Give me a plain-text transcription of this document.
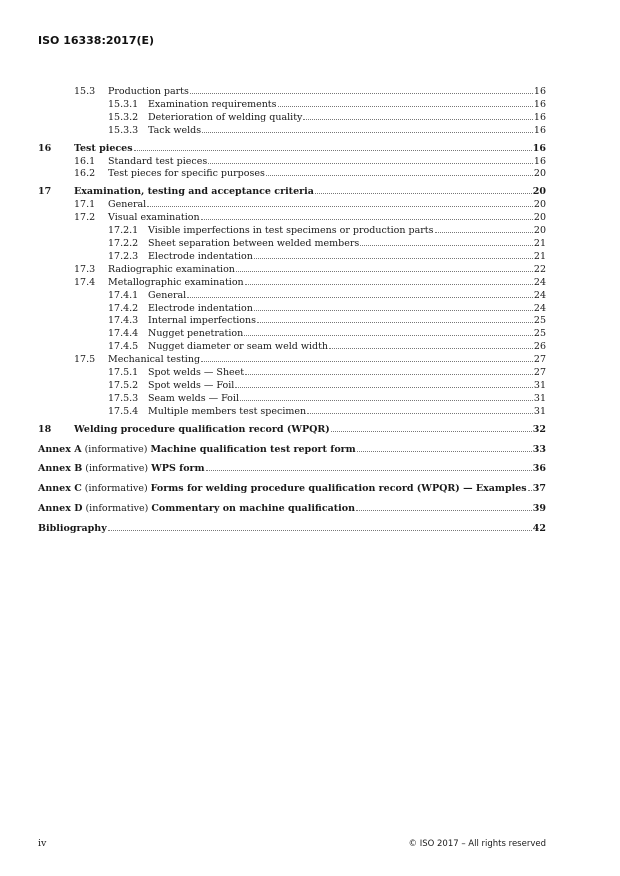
ISO 16338:2017(E)
15.3	Production parts	16
15.3.1	Examination requirements	16
15.3.2	Deterioration of welding quality	16
15.3.3	Tack welds	16
16	Test pieces	16
16.1	Standard test pieces	16
16.2	Test pieces for specific purposes	20
17	Examination, testing and acceptance criteria	20
17.1	General	20
17.2	Visual examination	20
17.2.1	Visible imperfections in test specimens or production parts	20
17.2.2	Sheet separation between welded members	21
17.2.3	Electrode indentation	21
17.3	Radiographic examination	22
17.4	Metallographic examination	24
17.4.1	General	24
17.4.2	Electrode indentation	24
17.4.3	Internal imperfections	25
17.4.4	Nugget penetration	25
17.4.5	Nugget diameter or seam weld width	26
17.5	Mechanical testing	27
17.5.1	Spot welds — Sheet	27
17.5.2	Spot welds — Foil	31
17.5.3	Seam welds — Foil	31
17.5.4	Multiple members test specimen	31
18	Welding procedure qualification record (WPQR)	32
Annex A (informative) Machine qualification test report form	33
Annex B (informative) WPS form	36
Annex C (informative) Forms for welding procedure qualification record (WPQR) — Examples 37
Annex D (informative) Commentary on machine qualification	39
Bibliography	42
iv	© ISO 2017 – All rights reserved
